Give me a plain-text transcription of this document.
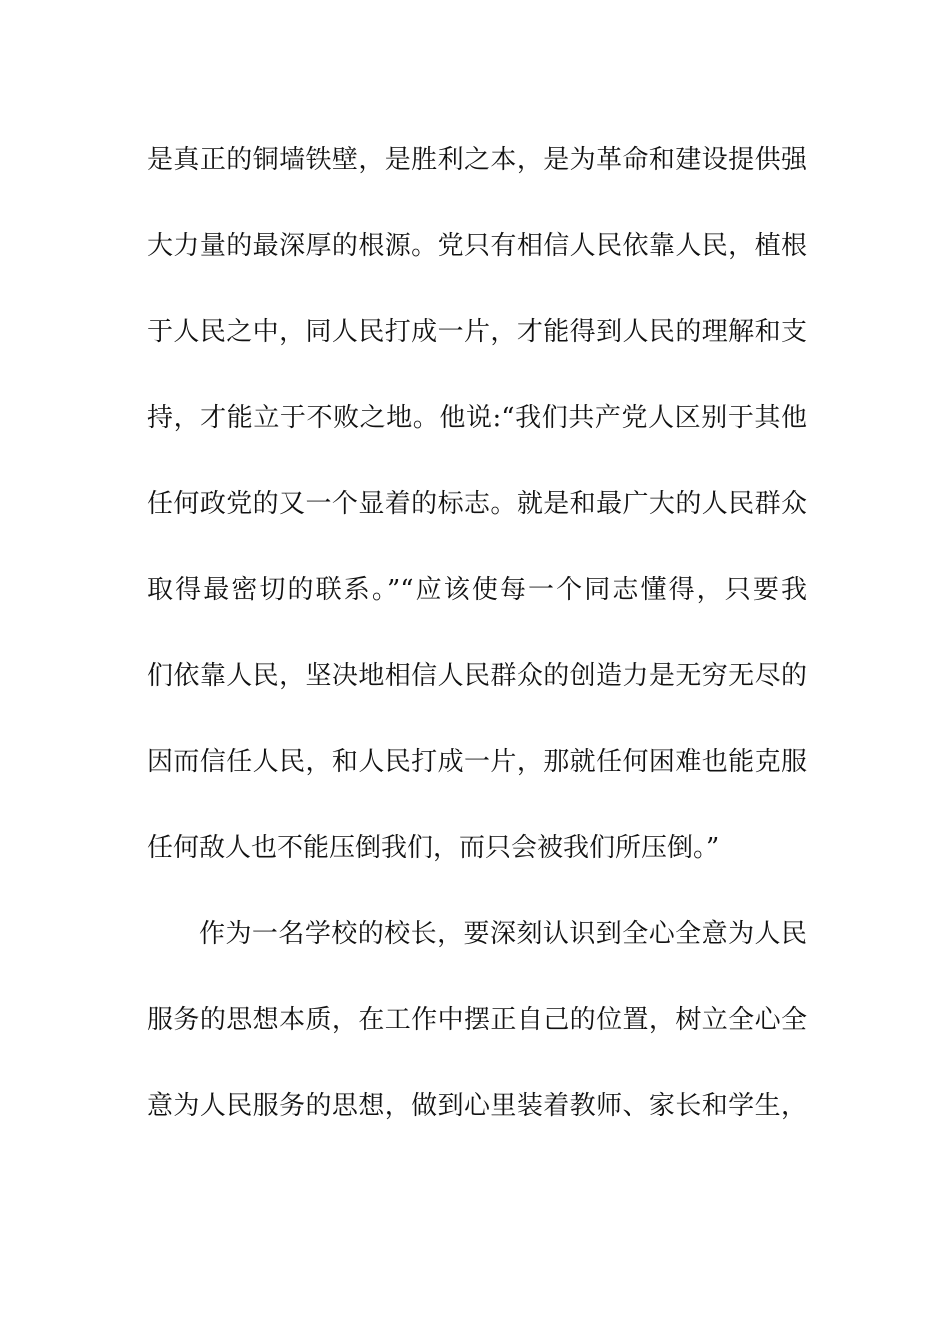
是真正的铜墙铁壁，是胜利之本，是为革命和建设提供强
大力量的最深厚的根源。党只有相信人民依靠人民，植根
于人民之中，同人民打成一片，才能得到人民的理解和支
持，才能立于不败之地。他说:“我们共产党人区别于其他
任何政党的又一个显着的标志。就是和最广大的人民群众
取得最密切的联系。”“应该使每一个同志懂得，只要我
们依靠人民，坚决地相信人民群众的创造力是无穷无尽的
因而信任人民，和人民打成一片，那就任何困难也能克服
任何敌人也不能压倒我们，而只会被我们所压倒。”
作为一名学校的校长，要深刻认识到全心全意为人民
服务的思想本质，在工作中摆正自己的位置，树立全心全
意为人民服务的思想，做到心里装着教师、家长和学生，
